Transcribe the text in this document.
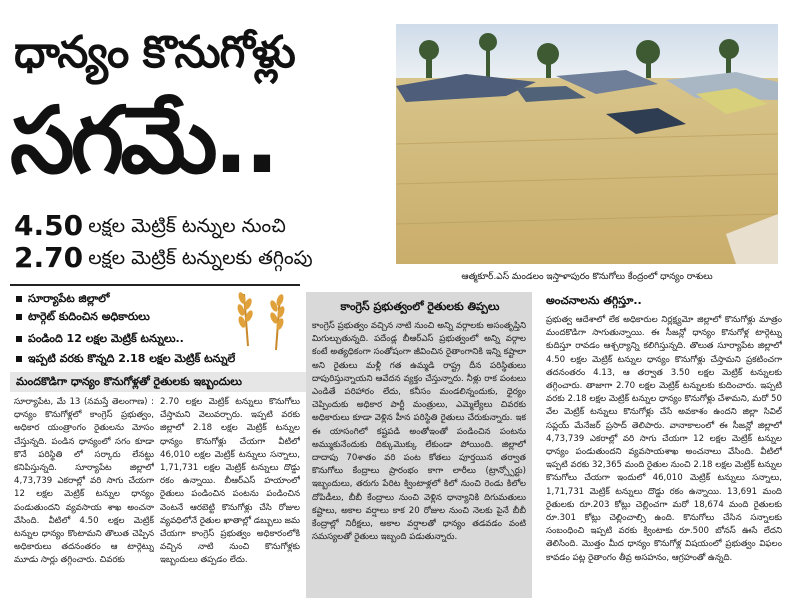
ధాన్యం కొనుగోళ్లు
సగమే..
4.50 లక్షల మెట్రిక్ టన్నుల నుంచి
2.70 లక్షల మెట్రిక్ టన్నులకు తగ్గింపు
ఆత్మకూర్.ఎస్ మండలం ఇస్తాళాపురం కొనుగోలు కేంద్రంలో ధాన్యం రాశులు
సూర్యాపేట జిల్లాలో
టార్గెట్ కుదించిన అధికారులు
పండింది 12 లక్షల మెట్రిక్ టన్నులు..
ఇప్పటి వరకు కొన్నది 2.18 లక్షల మెట్రిక్ టన్నులే
మందకొడిగా ధాన్యం కొనుగోళ్లతో రైతులకు ఇబ్బందులు
సూర్యాపేట, మే 13 (నమస్తే తెలంగాణ) : ధాన్యం కొనుగోళ్లలో కాంగ్రెస్ ప్రభుత్వం, అధికార యంత్రాంగం రైతులను మోసం చేస్తున్నది. పండిన ధాన్యంలో సగం కూడా కొనే పరిస్థితి లో సర్కారు లేనట్టు కనిపిస్తున్నది. సూర్యాపేట జిల్లాలో 4,73,739 ఎకరాల్లో వరి సాగు చేయగా 12 లక్షల మెట్రిక్ టన్నుల ధాన్యం పండుతుందని వ్యవసాయ శాఖ అంచనా వేసింది. వీటిలో 4.50 లక్షల మెట్రిక్ టన్నుల ధాన్యం కొంటామని తొలుత చెప్పిన అధికారులు తదనంతరం ఆ టార్గెట్ను మూడు సార్లు తగ్గించారు. చివరకు
2.70 లక్షల మెట్రిక్ టన్నులు కొనుగోలు చేస్తామని వెలువర్చారు. ఇప్పటి వరకు జిల్లాలో 2.18 లక్షల మెట్రిక్ టన్నుల ధాన్యం కొనుగోళ్లు చేయగా వీటిలో 46,010 లక్షల మెట్రిక్ టన్నులు సన్నాలు, 1,71,731 లక్షల మెట్రిక్ టన్నులు దొడ్డు రకం ఉన్నాయి. బీఆర్ఎస్ హయాంలో రైతులు పండించిన పంటను పండించిన వెంటనే ఆరబెట్టి కొనుగోళ్లు చేసి రోజుల వ్యవధిలోనే రైతుల ఖాతాల్లో డబ్బులు జమ చేయగా కాంగ్రెస్ ప్రభుత్వం అధికారంలోకి వచ్చిన నాటి నుంచి కొనుగోళ్లకు ఇబ్బందులు తప్పడం లేదు.
కాంగ్రెస్ ప్రభుత్వంలో రైతులకు తిప్పలు
కాంగ్రెస్ ప్రభుత్వం వచ్చిన నాటి నుంచి అన్ని వర్గాలకు అసంతృప్తిని మిగుల్చుతున్నది. పదేండ్ల బీఆర్ఎస్ ప్రభుత్వంలో అన్ని వర్గాల కంటే అత్యధికంగా సంతోషంగా జీవించిన రైతాంగానికి ఇన్ని కష్టాలా అని రైతులు మళ్లీ గత ఉమ్మడి రాష్ట్ర దీన పరిస్థితులు దాపురిస్తున్నాయని ఆవేదన వ్యక్తం చేస్తున్నారు. నీళ్లు రాక పంటలు ఎండితే పరిహారం లేదు, కనీసం మండలిన్నందుకు, ధైర్యం చెప్పిందుకు అధికార పార్టీ మంత్రులు, ఎమ్మెల్యేలు చివరకు అధికారులు కూడా వెళ్లిన హీన పరిస్థితి రైతులు చేరుకున్నారు. ఇక ఈ యాసంగిలో కష్టపడి అంతోఇంతో పండించిన పంటను అమ్ముకునేందుకు దిక్కుమొక్కు లేకుండా పోయింది. జిల్లాలో దాదాపు 70శాతం వరి పంట కోతలు పూర్తయిన తర్వాత కొనుగోలు కేంద్రాలు ప్రారంభం కాగా లారీలు (ట్రాన్స్పోర్టు) ఇబ్బందులు, తరుగు పేరిట క్వింటాళ్లలో కిలో నుంచి రెండు కిలోల దోపిడీలు, బీబీ కేంద్రాలు నుంచి వెళ్లిన ధాన్యానికి దిగుమతులు కష్టాలు, అకాల వర్షాలు కాక 20 రోజుల నుంచి నెలకు పైనే బీబీ కేంద్రాల్లో నిరీక్షలు, అకాల వర్షాలతో ధాన్యం తడవడం వంటి సమస్యలతో రైతులు ఇబ్బంది పడుతున్నారు.
అంచనాలను తగ్గిస్తూ..
ప్రభుత్వ ఆదేశాలో లేక అధికారుల నిర్లక్ష్యమో జిల్లాలో కొనుగోళ్లు మాత్రం మందకొడిగా సాగుతున్నాయి. ఈ సీజన్లో ధాన్యం కొనుగోళ్ల టార్గెట్ను కుదిస్తూ రావడం ఆశ్చర్యాన్ని కలిగిస్తున్నది. తొలుత సూర్యాపేట జిల్లాలో 4.50 లక్షల మెట్రిక్ టన్నుల ధాన్యం కొనుగోళ్లు చేస్తామని ప్రకటించగా తదనంతరం 4.13, ఆ తర్వాత 3.50 లక్షల మెట్రిక్ టన్నులకు తగ్గించారు. తాజాగా 2.70 లక్షల మెట్రిక్ టన్నులకు కుదించారు. ఇప్పటి వరకు 2.18 లక్షల మెట్రిక్ టన్నుల ధాన్యం కొనుగోళ్లు చేశామని, మరో 50 వేల మెట్రిక్ టన్నులు కొనుగోళ్లు చేసే అవకాశం ఉందని జిల్లా సివిల్ సప్లయ్ మేనేజర్ ప్రసాద్ తెలిపారు. వానాకాలంలో ఈ సీజన్లో జిల్లాలో 4,73,739 ఎకరాల్లో వరి సాగు చేయగా 12 లక్షల మెట్రిక్ టన్నుల ధాన్యం పండుతుందని వ్యవసాయశాఖ అంచనాలు వేసింది. వీటిలో ఇప్పటి వరకు 32,365 మంది రైతుల నుంచి 2.18 లక్షల మెట్రిక్ టన్నుల కొనుగోలు చేయగా ఇందులో 46,010 మెట్రిక్ టన్నులు సన్నాలు, 1,71,731 మెట్రిక్ టన్నులు దొడ్డు రకం ఉన్నాయి. 13,691 మంది రైతులకు రూ.203 కోట్లు చెల్లించగా మరో 18,674 మంది రైతులకు రూ.301 కోట్లు చెల్లించాల్సి ఉంది. కొనుగోలు చేసిన సన్నాలకు సంబంధించి ఇప్పటి వరకు క్వింటాకు రూ.500 బోనస్ ఊసే లేదని తెలిసింది. మొత్తం మీద ధాన్యం కొనుగోళ్ల విషయంలో ప్రభుత్వం విఫలం కావడం పట్ల రైతాంగం తీవ్ర అసహనం, ఆగ్రహంతో ఉన్నది.
